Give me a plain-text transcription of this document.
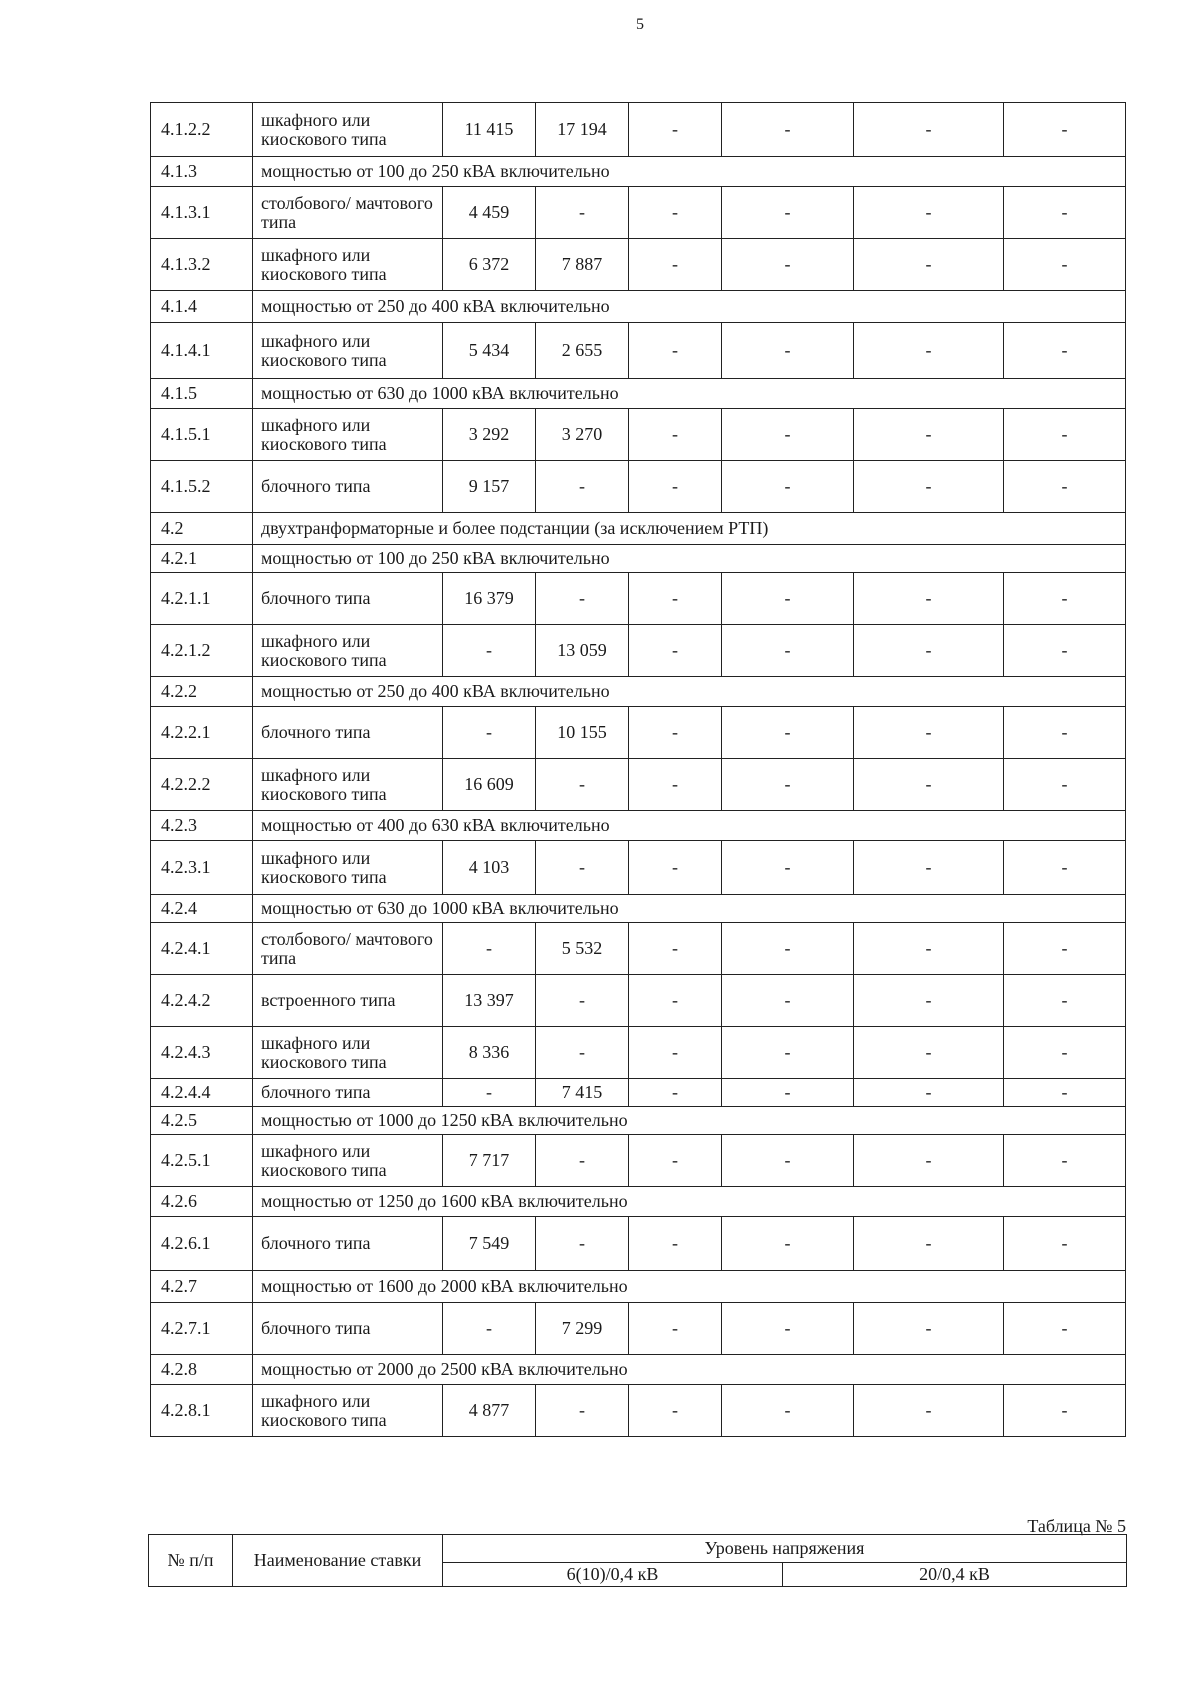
5
4.1.2.2	шкафного или киоскового типа	11 415	17 194	-	-	-	-
4.1.3	мощностью от 100 до 250 кВА включительно						
4.1.3.1	столбового/ мачтового типа	4 459	-	-	-	-	-
4.1.3.2	шкафного или киоскового типа	6 372	7 887	-	-	-	-
4.1.4	мощностью от 250 до 400 кВА включительно						
4.1.4.1	шкафного или киоскового типа	5 434	2 655	-	-	-	-
4.1.5	мощностью от 630 до 1000 кВА включительно						
4.1.5.1	шкафного или киоскового типа	3 292	3 270	-	-	-	-
4.1.5.2	блочного типа	9 157	-	-	-	-	-
4.2	двухтранформаторные и более подстанции (за исключением РТП)						
4.2.1	мощностью от 100 до 250 кВА включительно						
4.2.1.1	блочного типа	16 379	-	-	-	-	-
4.2.1.2	шкафного или киоскового типа	-	13 059	-	-	-	-
4.2.2	мощностью от 250 до 400 кВА включительно						
4.2.2.1	блочного типа	-	10 155	-	-	-	-
4.2.2.2	шкафного или киоскового типа	16 609	-	-	-	-	-
4.2.3	мощностью от 400 до 630 кВА включительно						
4.2.3.1	шкафного или киоскового типа	4 103	-	-	-	-	-
4.2.4	мощностью от 630 до 1000 кВА включительно						
4.2.4.1	столбового/ мачтового типа	-	5 532	-	-	-	-
4.2.4.2	встроенного типа	13 397	-	-	-	-	-
4.2.4.3	шкафного или киоскового типа	8 336	-	-	-	-	-
4.2.4.4	блочного типа	-	7 415	-	-	-	-
4.2.5	мощностью от 1000 до 1250 кВА включительно						
4.2.5.1	шкафного или киоскового типа	7 717	-	-	-	-	-
4.2.6	мощностью от 1250 до 1600 кВА включительно						
4.2.6.1	блочного типа	7 549	-	-	-	-	-
4.2.7	мощностью от 1600 до 2000 кВА включительно						
4.2.7.1	блочного типа	-	7 299	-	-	-	-
4.2.8	мощностью от 2000 до 2500 кВА включительно						
4.2.8.1	шкафного или киоскового типа	4 877	-	-	-	-	-
Таблица № 5
№ п/п	Наименование ставки	Уровень напряжения	
		6(10)/0,4 кВ	20/0,4 кВ
